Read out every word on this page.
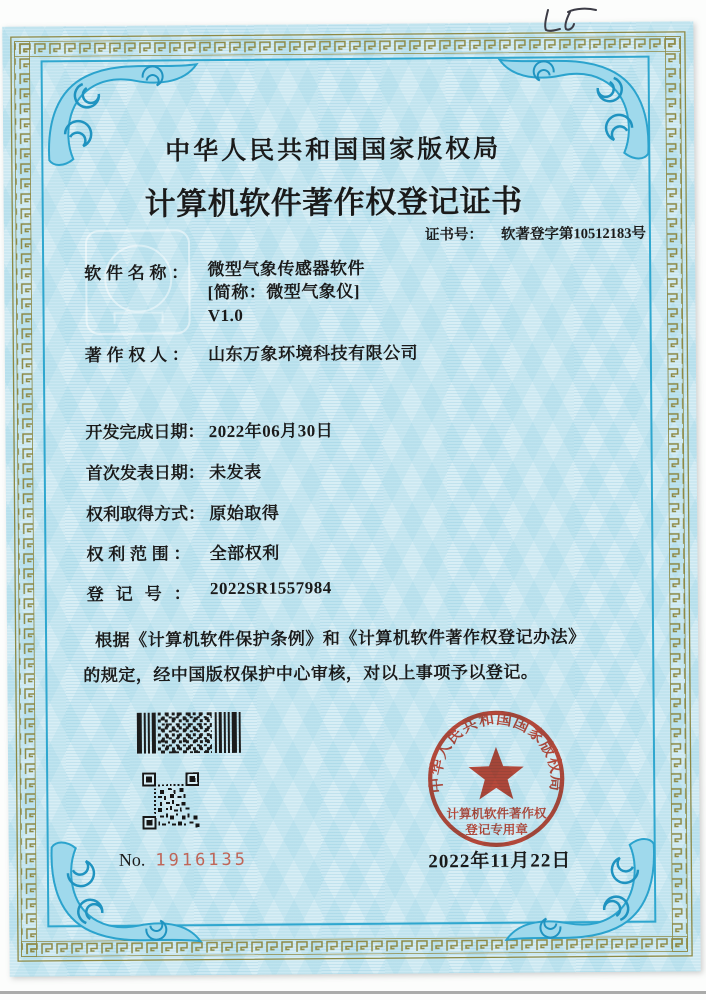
中华人民共和国国家版权局
计算机软件著作权登记证书
证书号： 软著登字第10512183号
软件名称： 微型气象传感器软件
[简称：微型气象仪]
V1.0
著作权人： 山东万象环境科技有限公司
开发完成日期： 2022年06月30日
首次发表日期： 未发表
权利取得方式： 原始取得
权利范围： 全部权利
登记号： 2022SR1557984
根据《计算机软件保护条例》和《计算机软件著作权登记办法》的规定，经中国版权保护中心审核，对以上事项予以登记。
No. 1916135
中华人民共和国国家版权局
计算机软件著作权
登记专用章
2022年11月22日
